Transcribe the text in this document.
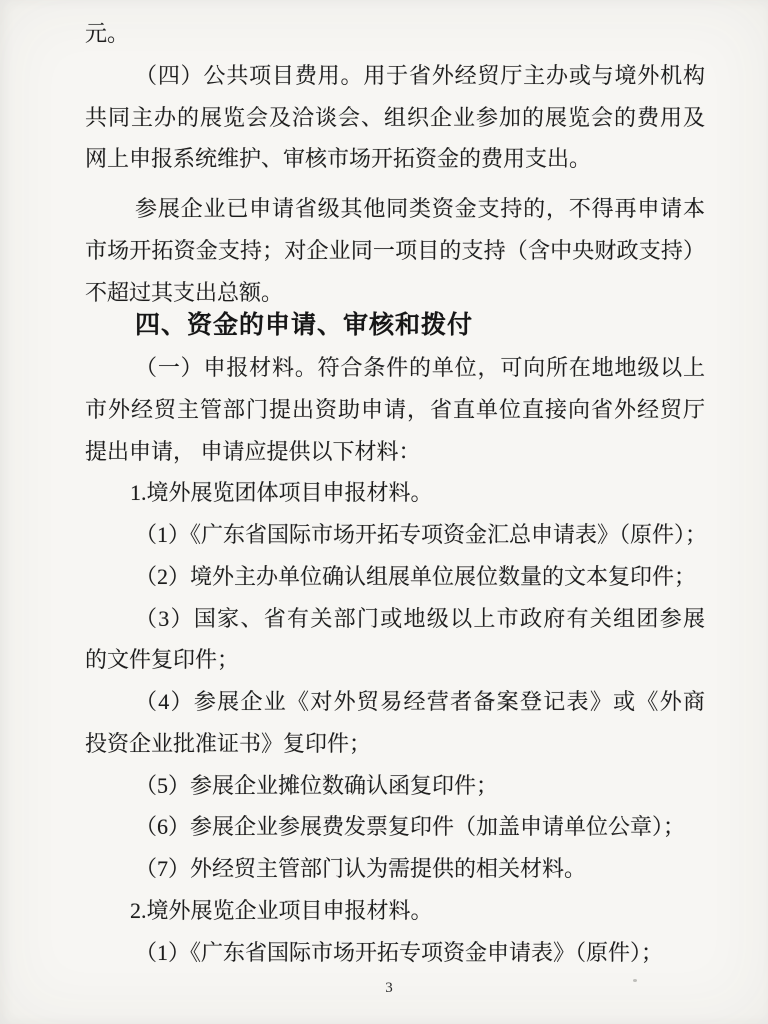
元。
（四）公共项目费用。用于省外经贸厅主办或与境外机构
共同主办的展览会及洽谈会、组织企业参加的展览会的费用及
网上申报系统维护、审核市场开拓资金的费用支出。
参展企业已申请省级其他同类资金支持的，不得再申请本
市场开拓资金支持；对企业同一项目的支持（含中央财政支持）
不超过其支出总额。
四、资金的申请、审核和拨付
（一）申报材料。符合条件的单位，可向所在地地级以上
市外经贸主管部门提出资助申请，省直单位直接向省外经贸厅
提出申请， 申请应提供以下材料：
1.境外展览团体项目申报材料。
（1）《广东省国际市场开拓专项资金汇总申请表》（原件）；
（2）境外主办单位确认组展单位展位数量的文本复印件；
（3）国家、省有关部门或地级以上市政府有关组团参展
的文件复印件；
（4）参展企业《对外贸易经营者备案登记表》或《外商
投资企业批准证书》复印件；
（5）参展企业摊位数确认函复印件；
（6）参展企业参展费发票复印件（加盖申请单位公章）；
（7）外经贸主管部门认为需提供的相关材料。
2.境外展览企业项目申报材料。
（1）《广东省国际市场开拓专项资金申请表》（原件）；
3
